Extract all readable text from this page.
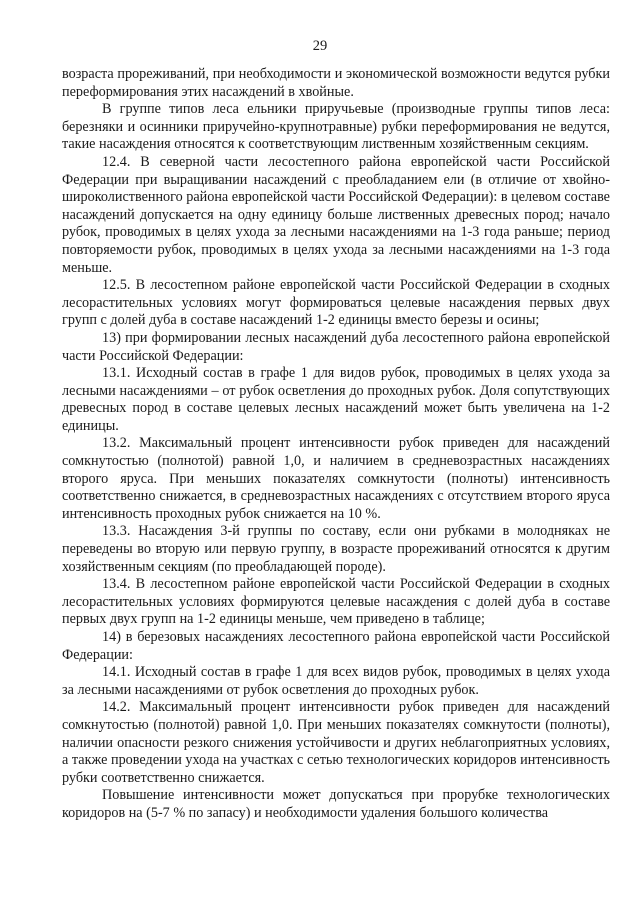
29

возраста прореживаний, при необходимости и экономической возможности ведутся рубки переформирования этих насаждений в хвойные.

В группе типов леса ельники приручьевые (производные группы типов леса: березняки и осинники приручейно-крупнотравные) рубки переформирования не ведутся, такие насаждения относятся к соответствующим лиственным хозяйственным секциям.

12.4. В северной части лесостепного района европейской части Российской Федерации при выращивании насаждений с преобладанием ели (в отличие от хвойно-широколиственного района европейской части Российской Федерации): в целевом составе насаждений допускается на одну единицу больше лиственных древесных пород; начало рубок, проводимых в целях ухода за лесными насаждениями на 1-3 года раньше; период повторяемости рубок, проводимых в целях ухода за лесными насаждениями на 1-3 года меньше.

12.5. В лесостепном районе европейской части Российской Федерации в сходных лесорастительных условиях могут формироваться целевые насаждения первых двух групп с долей дуба в составе насаждений 1-2 единицы вместо березы и осины;

13) при формировании лесных насаждений дуба лесостепного района европейской части Российской Федерации:

13.1. Исходный состав в графе 1 для видов рубок, проводимых в целях ухода за лесными насаждениями – от рубок осветления до проходных рубок. Доля сопутствующих древесных пород в составе целевых лесных насаждений может быть увеличена на 1-2 единицы.

13.2. Максимальный процент интенсивности рубок приведен для насаждений сомкнутостью (полнотой) равной 1,0, и наличием в средневозрастных насаждениях второго яруса. При меньших показателях сомкнутости (полноты) интенсивность соответственно снижается, в средневозрастных насаждениях с отсутствием второго яруса интенсивность проходных рубок снижается на 10 %.

13.3. Насаждения 3-й группы по составу, если они рубками в молодняках не переведены во вторую или первую группу, в возрасте прореживаний относятся к другим хозяйственным секциям (по преобладающей породе).

13.4. В лесостепном районе европейской части Российской Федерации в сходных лесорастительных условиях формируются целевые насаждения с долей дуба в составе первых двух групп на 1-2 единицы меньше, чем приведено в таблице;

14) в березовых насаждениях лесостепного района европейской части Российской Федерации:

14.1. Исходный состав в графе 1 для всех видов рубок, проводимых в целях ухода за лесными насаждениями от рубок осветления до проходных рубок.

14.2. Максимальный процент интенсивности рубок приведен для насаждений сомкнутостью (полнотой) равной 1,0. При меньших показателях сомкнутости (полноты), наличии опасности резкого снижения устойчивости и других неблагоприятных условиях, а также проведении ухода на участках с сетью технологических коридоров интенсивность рубки соответственно снижается.

Повышение интенсивности может допускаться при прорубке технологических коридоров на (5-7 % по запасу) и необходимости удаления большого количества
